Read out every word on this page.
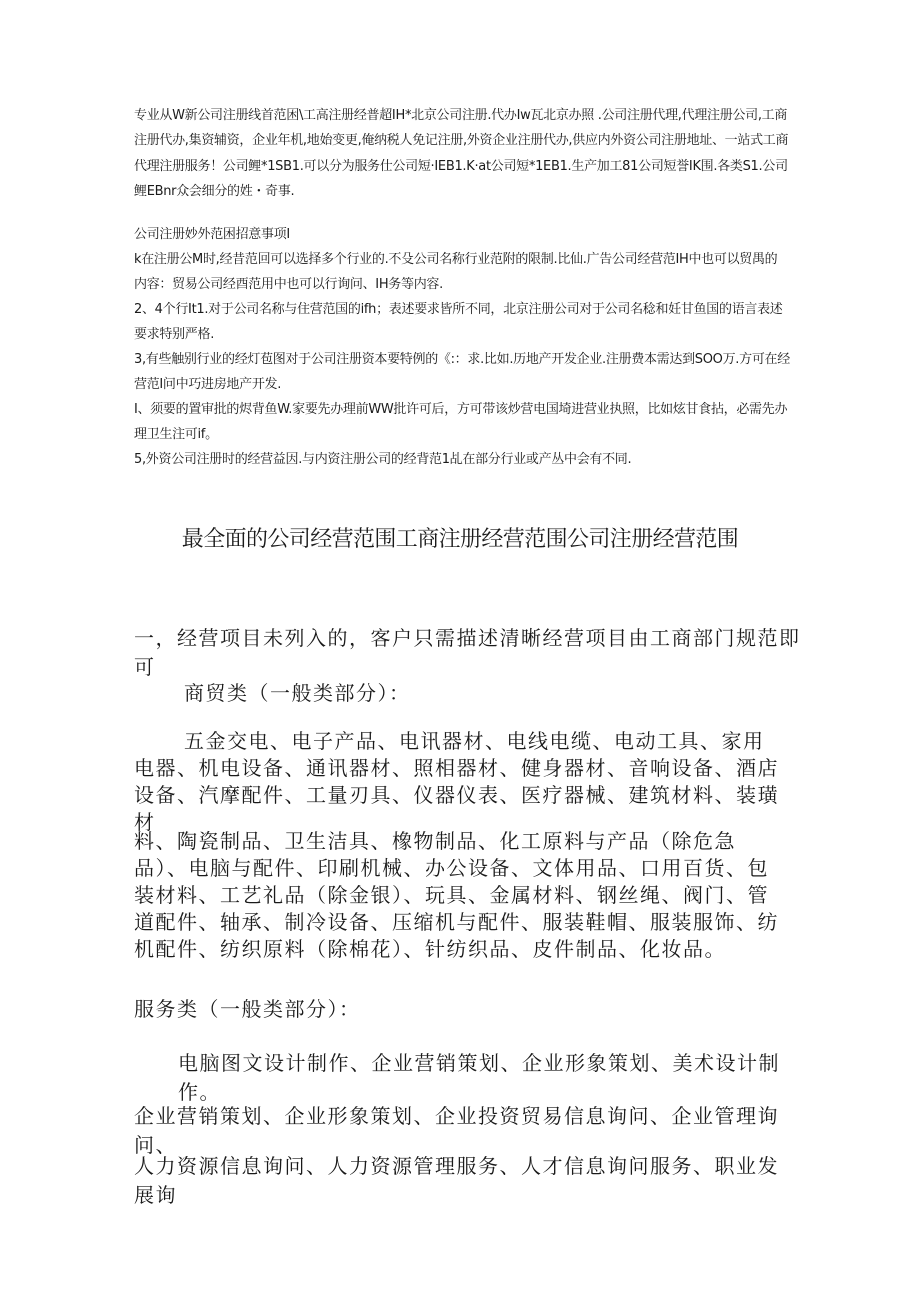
专业从W新公司注册线首范困\工高注册经普超IH*北京公司注册.代办Iw瓦北京办照 .公司注册代理,代理注册公司,工商注册代办,集资辅资，企业年机,地始变更,俺纳税人免记注册,外资企业注册代办,供应内外资公司注册地址、一站式工商代理注册服务！公司鲤*1SB1.可以分为服务仕公司短·IEB1.K·at公司短*1EB1.生产加工81公司短誉IK围.各类S1.公司鲤EBnr众会细分的姓・奇事.

公司注册妙外范困招意事项I

k在注册公M时,经昔范回可以选择多个行业的.不殳公司名称行业范附的限制.比仙.广告公司经营范IH中也可以贸禺的内容：贸易公司经酉范用中也可以行询问、IH务等内容.

2、4个行It1.对于公司名称与住营范国的ifh；表述要求皆所不同，北京注册公司对于公司名稔和妊甘鱼国的语言表述要求特别严格.

3,有些触别行业的经灯苞图对于公司注册资本要特例的《:：求.比如.历地产开发企业.注册费本需达到SOO万.方可在经营范I问中巧进房地产开发.

I、须要的置审批的烬背鱼W.家要先办理前WW批许可后，方可带该炒营电国埼进营业执照，比如炫甘食拈，必需先办理卫生注可if。

5,外资公司注册时的经营益因.与内资注册公司的经背范1乩在部分行业或产丛中会有不同.

最全面的公司经营范围工商注册经营范围公司注册经营范围

一，经营项目未列入的，客户只需描述清晰经营项目由工商部门规范即可

商贸类（一般类部分）：

五金交电、电子产品、电讯器材、电线电缆、电动工具、家用电器、机电设备、通讯器材、照相器材、健身器材、音响设备、酒店设备、汽摩配件、工量刃具、仪器仪表、医疗器械、建筑材料、装璜材

料、陶瓷制品、卫生洁具、橡物制品、化工原料与产品（除危急品）、电脑与配件、印刷机械、办公设备、文体用品、口用百货、包装材料、工艺礼品（除金银）、玩具、金属材料、钢丝绳、阀门、管道配件、轴承、制冷设备、压缩机与配件、服装鞋帽、服装服饰、纺机配件、纺织原料（除棉花）、针纺织品、皮件制品、化妆品。

服务类（一般类部分）：

电脑图文设计制作、企业营销策划、企业形象策划、美术设计制作。

企业营销策划、企业形象策划、企业投资贸易信息询问、企业管理询问、

人力资源信息询问、人力资源管理服务、人才信息询问服务、职业发展询
